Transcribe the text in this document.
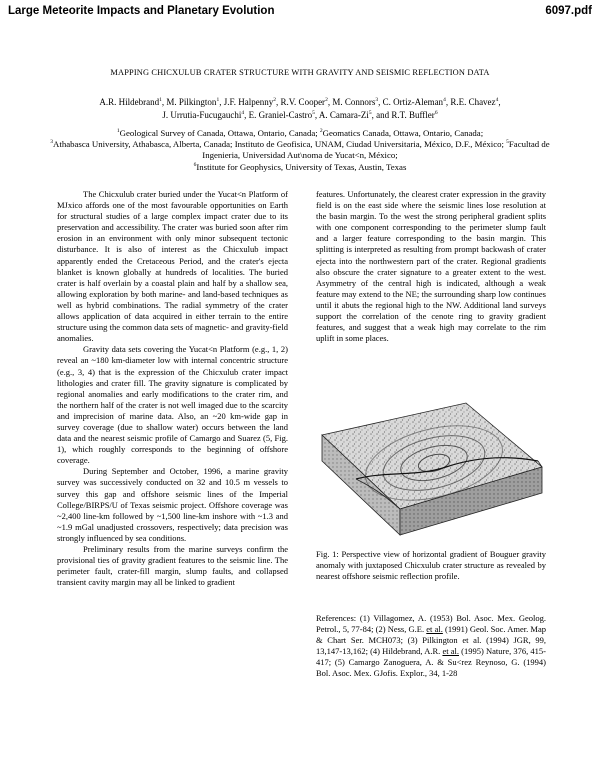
Large Meteorite Impacts and Planetary Evolution	6097.pdf
MAPPING CHICXULUB CRATER STRUCTURE WITH GRAVITY AND SEISMIC REFLECTION DATA
A.R. Hildebrand$^1$, M. Pilkington$^1$, J.F. Halpenny$^2$, R.V. Cooper$^2$, M. Connors$^3$, C. Ortiz-Aleman$^4$, R.E. Chavez$^4$,
J. Urrutia-Fucugauchi$^4$, E. Graniel-Castro$^5$, A. Camara-Zi$^5$, and R.T. Buffler$^6$
$^1$Geological Survey of Canada, Ottawa, Ontario, Canada; $^2$Geomatics Canada, Ottawa, Ontario, Canada;
$^3$Athabasca University, Athabasca, Alberta, Canada; Instituto de Geofisica, UNAM, Ciudad Universitaria, México, D.F., México; $^5$Facultad de Ingenieria, Universidad Aut\noma de Yucat<n, México;
$^6$Institute for Geophysics, University of Texas, Austin, Texas

The Chicxulub crater buried under the Yucat<n Platform of MJxico affords one of the most favourable opportunities on Earth for structural studies of a large complex impact crater due to its preservation and accessibility. The crater was buried soon after rim erosion in an environment with only minor subsequent tectonic disturbance. It is also of interest as the Chicxulub impact apparently ended the Cretaceous Period, and the crater's ejecta blanket is known globally at hundreds of localities. The buried crater is half overlain by a coastal plain and half by a shallow sea, allowing exploration by both marine- and land-based techniques as well as hybrid combinations. The radial symmetry of the crater allows application of data acquired in either terrain to the entire structure using the common data sets of magnetic- and gravity-field anomalies.

Gravity data sets covering the Yucat<n Platform (e.g., 1, 2) reveal an ~180 km-diameter low with internal concentric structure (e.g., 3, 4) that is the expression of the Chicxulub crater impact lithologies and crater fill. The gravity signature is complicated by regional anomalies and early modifications to the crater rim, and the northern half of the crater is not well imaged due to the scarcity and imprecision of marine data. Also, an ~20 km-wide gap in survey coverage (due to shallow water) occurs between the land data and the nearest seismic profile of Camargo and Suarez (5, Fig. 1), which roughly corresponds to the beginning of offshore coverage.

During September and October, 1996, a marine gravity survey was successively conducted on 32 and 10.5 m vessels to survey this gap and offshore seismic lines of the Imperial College/BIRPS/U of Texas seismic project. Offshore coverage was ~2,400 line-km followed by ~1,500 line-km inshore with ~1.3 and ~1.9 mGal unadjusted crossovers, respectively; data precision was strongly influenced by sea conditions.

Preliminary results from the marine surveys confirm the provisional ties of gravity gradient features to the seismic line. The perimeter fault, crater-fill margin, slump faults, and collapsed transient cavity margin may all be linked to gradient

features. Unfortunately, the clearest crater expression in the gravity field is on the east side where the seismic lines lose resolution at the basin margin. To the west the strong peripheral gradient splits with one component corresponding to the perimeter slump fault and a larger feature corresponding to the basin margin. This splitting is interpreted as resulting from prompt backwash of crater ejecta into the northwestern part of the crater. Regional gradients also obscure the crater signature to a greater extent to the west. Asymmetry of the central high is indicated, although a weak feature may extend to the NE; the surrounding sharp low continues until it abuts the regional high to the NW. Additional land surveys support the correlation of the cenote ring to gravity gradient features, and suggest that a weak high may correlate to the rim uplift in some places.

Fig. 1: Perspective view of horizontal gradient of Bouguer gravity anomaly with juxtaposed Chicxulub crater structure as revealed by nearest offshore seismic reflection profile.
References: (1) Villagomez, A. (1953) Bol. Asoc. Mex. Geolog. Petrol., 5, 77-84; (2) Ness, G.E. et al. (1991) Geol. Soc. Amer. Map & Chart Ser. MCH073; (3) Pilkington et al. (1994) JGR, 99, 13,147-13,162; (4) Hildebrand, A.R. et al. (1995) Nature, 376, 415-417; (5) Camargo Zanoguera, A. & Su<rez Reynoso, G. (1994) Bol. Asoc. Mex. GJofis. Explor., 34, 1-28
